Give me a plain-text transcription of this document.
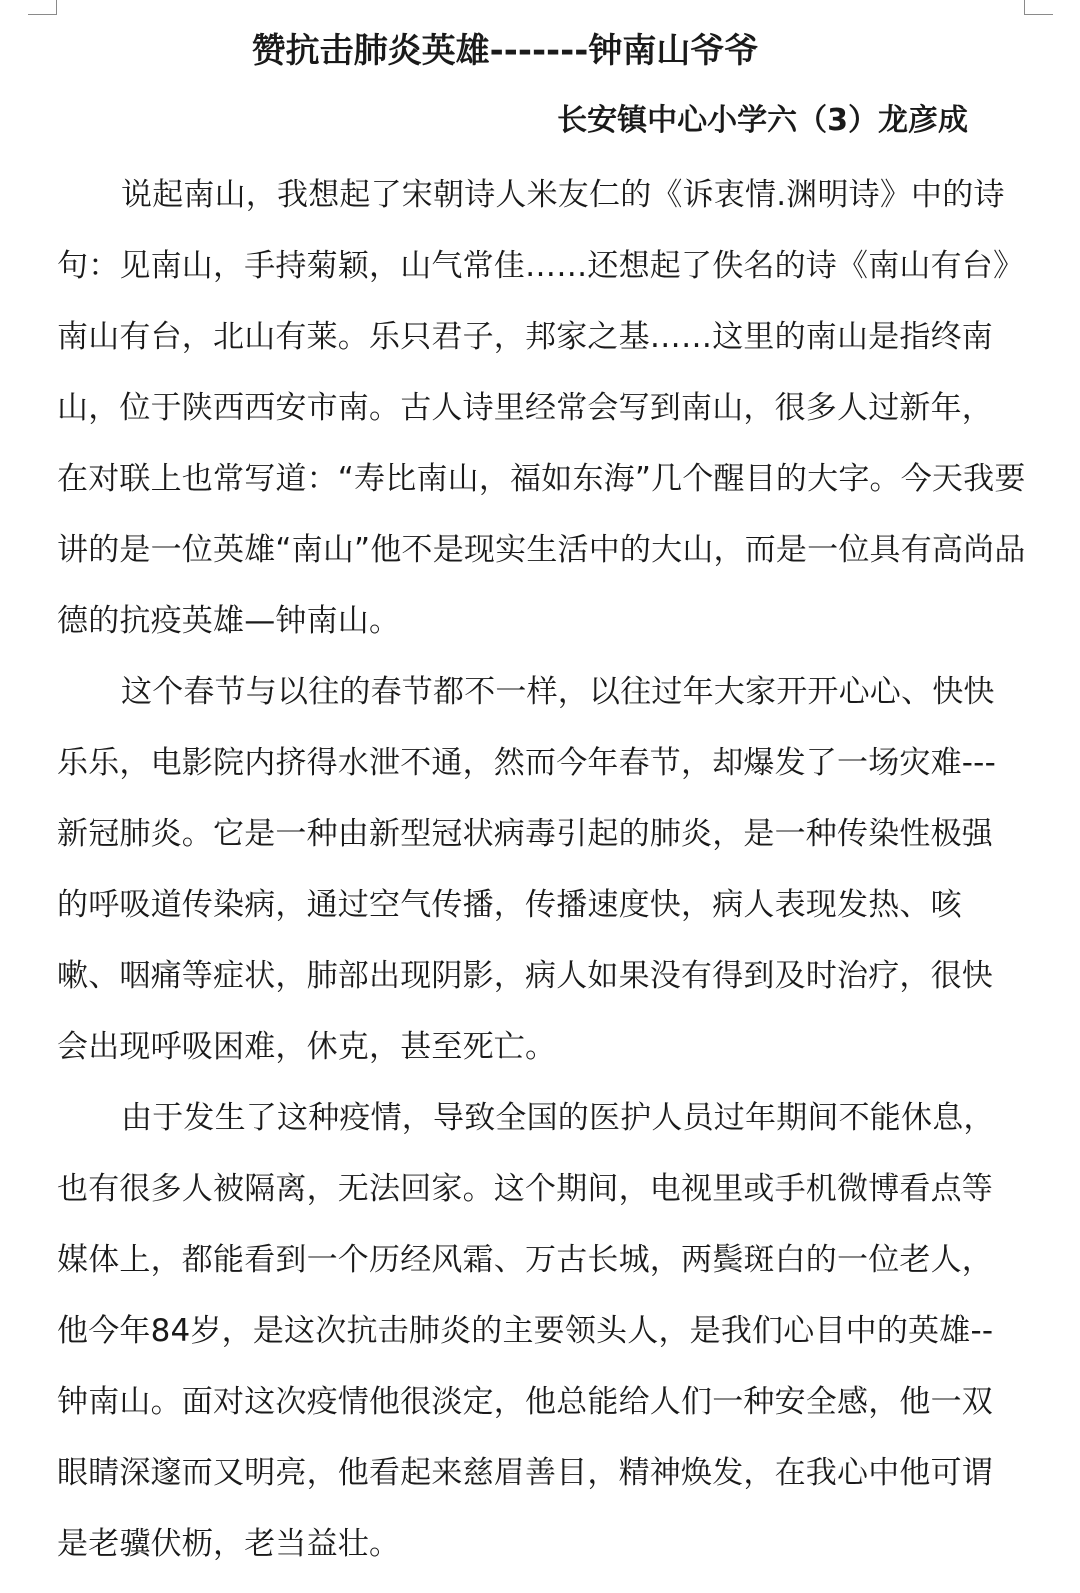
赞抗击肺炎英雄-------钟南山爷爷
长安镇中心小学六（3）龙彦成
说起南山，我想起了宋朝诗人米友仁的《诉衷情.渊明诗》中的诗
句：见南山，手持菊颖，山气常佳……还想起了佚名的诗《南山有台》
南山有台，北山有莱。乐只君子，邦家之基……这里的南山是指终南
山，位于陕西西安市南。古人诗里经常会写到南山，很多人过新年，
在对联上也常写道：“寿比南山，福如东海”几个醒目的大字。今天我要
讲的是一位英雄“南山”他不是现实生活中的大山，而是一位具有高尚品
德的抗疫英雄—钟南山。
这个春节与以往的春节都不一样，以往过年大家开开心心、快快
乐乐，电影院内挤得水泄不通，然而今年春节，却爆发了一场灾难---
新冠肺炎。它是一种由新型冠状病毒引起的肺炎，是一种传染性极强
的呼吸道传染病，通过空气传播，传播速度快，病人表现发热、咳
嗽、咽痛等症状，肺部出现阴影，病人如果没有得到及时治疗，很快
会出现呼吸困难，休克，甚至死亡。
由于发生了这种疫情，导致全国的医护人员过年期间不能休息，
也有很多人被隔离，无法回家。这个期间，电视里或手机微博看点等
媒体上，都能看到一个历经风霜、万古长城，两鬓斑白的一位老人，
他今年84岁，是这次抗击肺炎的主要领头人，是我们心目中的英雄--
钟南山。面对这次疫情他很淡定，他总能给人们一种安全感，他一双
眼睛深邃而又明亮，他看起来慈眉善目，精神焕发，在我心中他可谓
是老骥伏枥，老当益壮。
